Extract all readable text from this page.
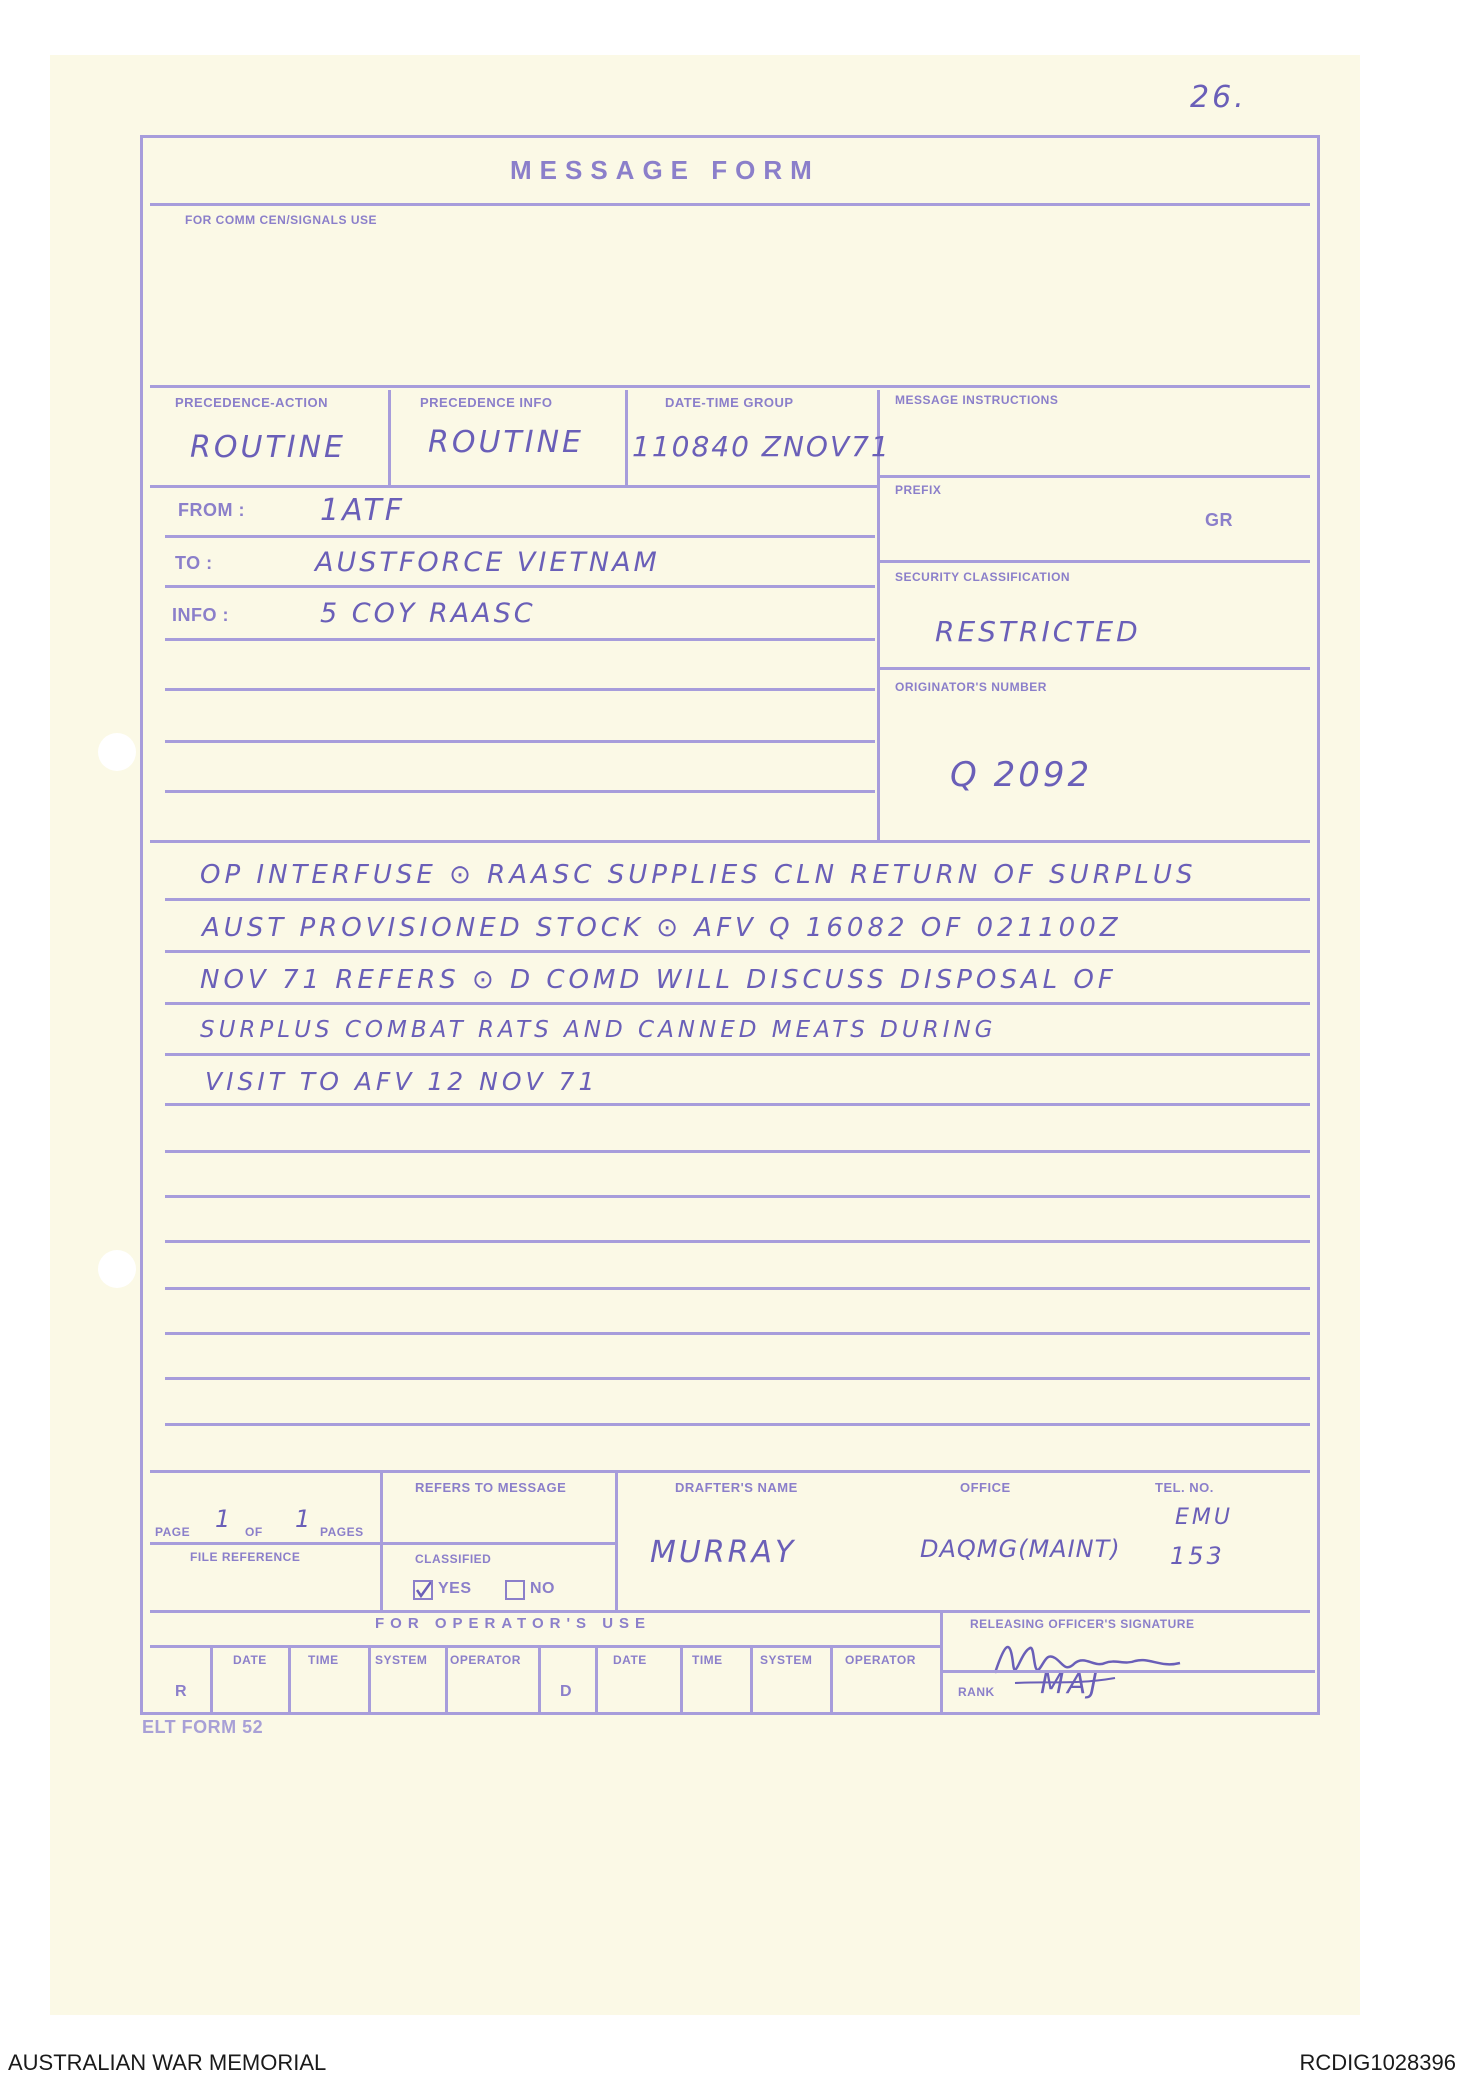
26.
MESSAGE FORM
FOR COMM CEN/SIGNALS USE
PRECEDENCE-ACTION
ROUTINE
PRECEDENCE INFO
ROUTINE
DATE-TIME GROUP
110840 ZNOV71
MESSAGE INSTRUCTIONS
PREFIX
GR
FROM :	1ATF
TO :	AUSTFORCE VIETNAM
INFO :	5 COY RAASC
SECURITY CLASSIFICATION
RESTRICTED
ORIGINATOR'S NUMBER
Q 2092
OP INTERFUSE ⊙ RAASC SUPPLIES CLN RETURN OF SURPLUS
AUST PROVISIONED STOCK ⊙ AFV Q 16082 OF 021100Z
NOV 71 REFERS ⊙ D COMD WILL DISCUSS DISPOSAL OF
SURPLUS COMBAT RATS AND CANNED MEATS DURING
VISIT TO AFV 12 NOV 71
PAGE 1 OF 1 PAGES
FILE REFERENCE
REFERS TO MESSAGE
CLASSIFIED
YES	NO
DRAFTER'S NAME
MURRAY
OFFICE
DAQMG(MAINT)
TEL. NO.
EMU
153
FOR OPERATOR'S USE	RELEASING OFFICER'S SIGNATURE
RANK MAJ
R
DATE	TIME	SYSTEM OPERATOR
D
DATE	TIME	SYSTEM	OPERATOR
ELT FORM 52
AUSTRALIAN WAR MEMORIAL	RCDIG1028396
